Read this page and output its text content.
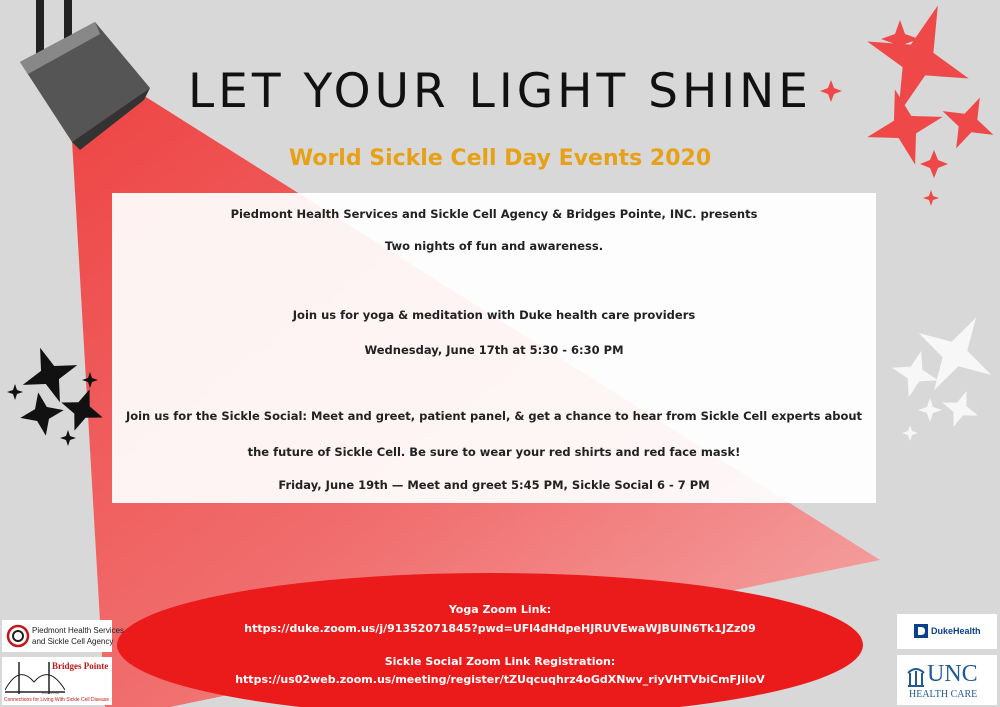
LET YOUR LIGHT SHINE
World Sickle Cell Day Events 2020

Piedmont Health Services and Sickle Cell Agency & Bridges Pointe, INC. presents

Two nights of fun and awareness.

Join us for yoga & meditation with Duke health care providers

Wednesday, June 17th at 5:30 - 6:30 PM

Join us for the Sickle Social: Meet and greet, patient panel, & get a chance to hear from Sickle Cell experts about

the future of Sickle Cell. Be sure to wear your red shirts and red face mask!

Friday, June 19th — Meet and greet 5:45 PM, Sickle Social 6 - 7 PM

Yoga Zoom Link:

https://duke.zoom.us/j/91352071845?pwd=UFl4dHdpeHJRUVEwaWJBUlN6Tk1JZz09

Sickle Social Zoom Link Registration:

https://us02web.zoom.us/meeting/register/tZUqcuqhrz4oGdXNwv_riyVHTVbiCmFJiloV

Piedmont Health Services
and Sickle Cell Agency
Bridges Pointe
Est. 1996
Connections for Living With Sickle Cell Disease
DukeHealth
UNC
HEALTH CARE
